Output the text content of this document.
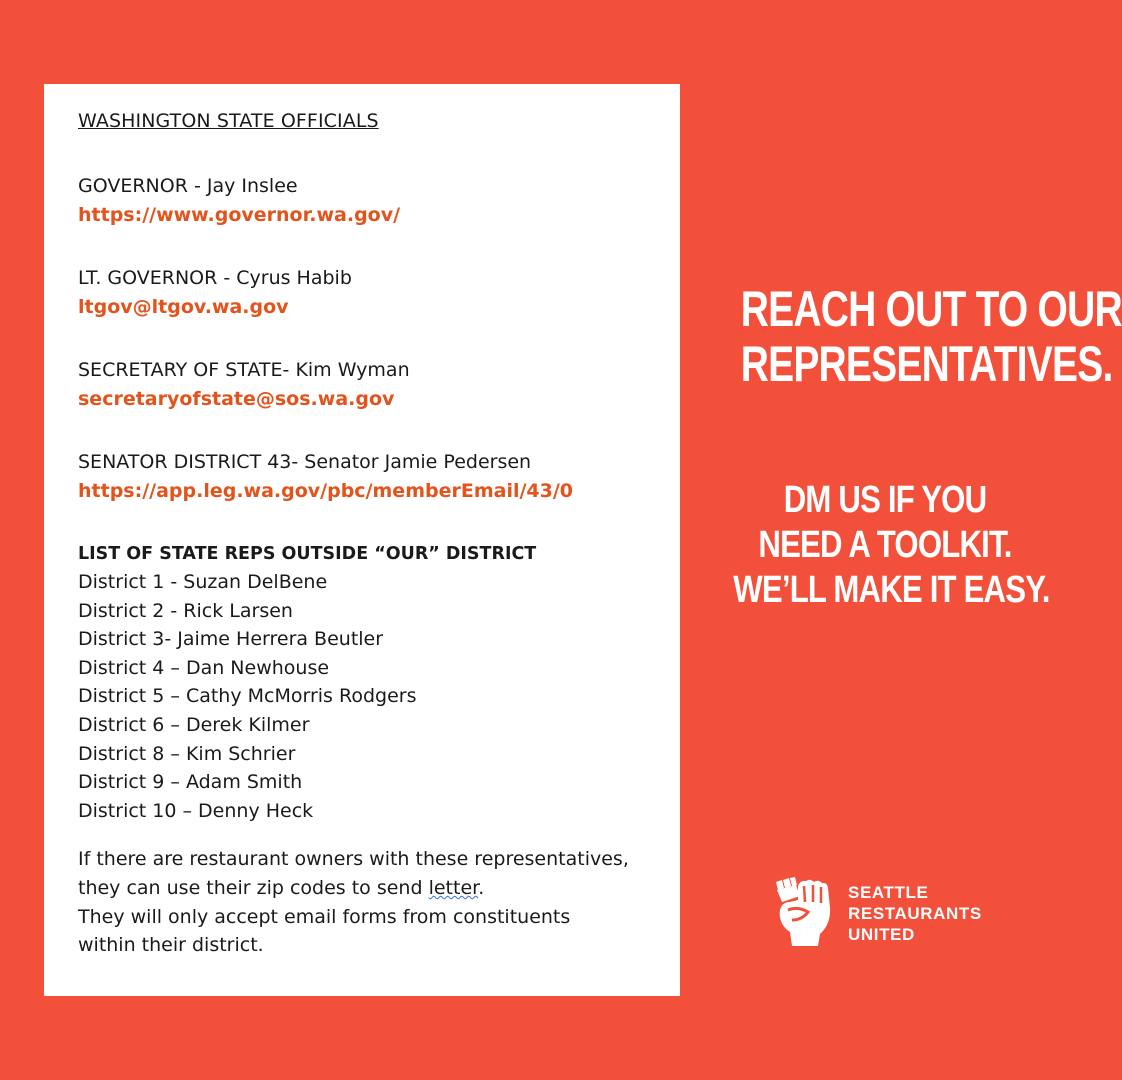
WASHINGTON STATE OFFICIALS
GOVERNOR - Jay Inslee
https://www.governor.wa.gov/
LT. GOVERNOR - Cyrus Habib
ltgov@ltgov.wa.gov
SECRETARY OF STATE- Kim Wyman
secretaryofstate@sos.wa.gov
SENATOR DISTRICT 43- Senator Jamie Pedersen
https://app.leg.wa.gov/pbc/memberEmail/43/0
LIST OF STATE REPS OUTSIDE “OUR” DISTRICT
District 1 - Suzan DelBene
District 2 - Rick Larsen
District 3- Jaime Herrera Beutler
District 4 – Dan Newhouse
District 5 – Cathy McMorris Rodgers
District 6 – Derek Kilmer
District 8 – Kim Schrier
District 9 – Adam Smith
District 10 – Denny Heck
If there are restaurant owners with these representatives,
they can use their zip codes to send letter.
They will only accept email forms from constituents
within their district.
REACH OUT TO OUR
REPRESENTATIVES.
DM US IF YOU
NEED A TOOLKIT.
WE’LL MAKE IT EASY.
SEATTLE
RESTAURANTS
UNITED
